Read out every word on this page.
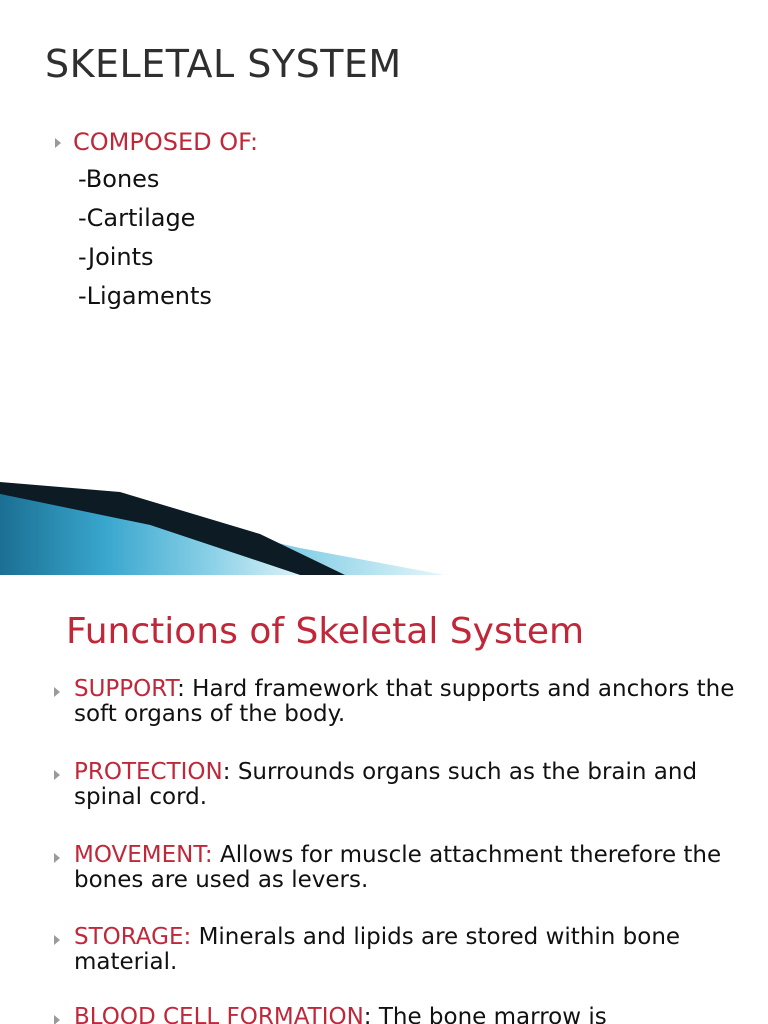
SKELETAL SYSTEM
COMPOSED OF:
-Bones
-Cartilage
-Joints
-Ligaments
Functions of Skeletal System
SUPPORT: Hard framework that supports and anchors the soft organs of the body.
PROTECTION: Surrounds organs such as the brain and spinal cord.
MOVEMENT: Allows for muscle attachment therefore the bones are used as levers.
STORAGE: Minerals and lipids are stored within bone material.
BLOOD CELL FORMATION: The bone marrow is
